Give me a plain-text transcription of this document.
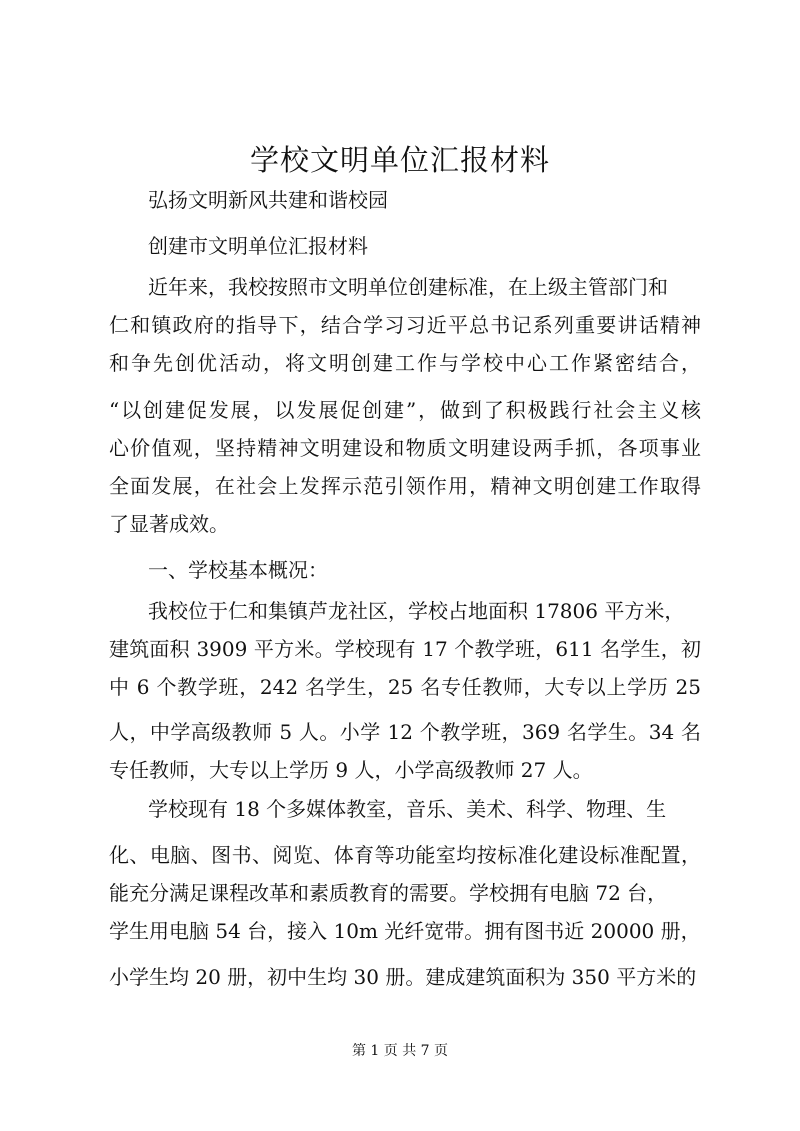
学校文明单位汇报材料
弘扬文明新风共建和谐校园
创建市文明单位汇报材料
近年来，我校按照市文明单位创建标准，在上级主管部门和
仁和镇政府的指导下，结合学习习近平总书记系列重要讲话精神
和争先创优活动，将文明创建工作与学校中心工作紧密结合，
“以创建促发展，以发展促创建”，做到了积极践行社会主义核
心价值观，坚持精神文明建设和物质文明建设两手抓，各项事业
全面发展，在社会上发挥示范引领作用，精神文明创建工作取得
了显著成效。
一、学校基本概况：
我校位于仁和集镇芦龙社区，学校占地面积 17806 平方米，
建筑面积 3909 平方米。学校现有 17 个教学班，611 名学生，初
中 6 个教学班，242 名学生，25 名专任教师，大专以上学历 25
人，中学高级教师 5 人。小学 12 个教学班，369 名学生。34 名
专任教师，大专以上学历 9 人，小学高级教师 27 人。
学校现有 18 个多媒体教室，音乐、美术、科学、物理、生
化、电脑、图书、阅览、体育等功能室均按标准化建设标准配置，
能充分满足课程改革和素质教育的需要。学校拥有电脑 72 台，
学生用电脑 54 台，接入 10m 光纤宽带。拥有图书近 20000 册，
小学生均 20 册，初中生均 30 册。建成建筑面积为 350 平方米的
第 1 页 共 7 页
